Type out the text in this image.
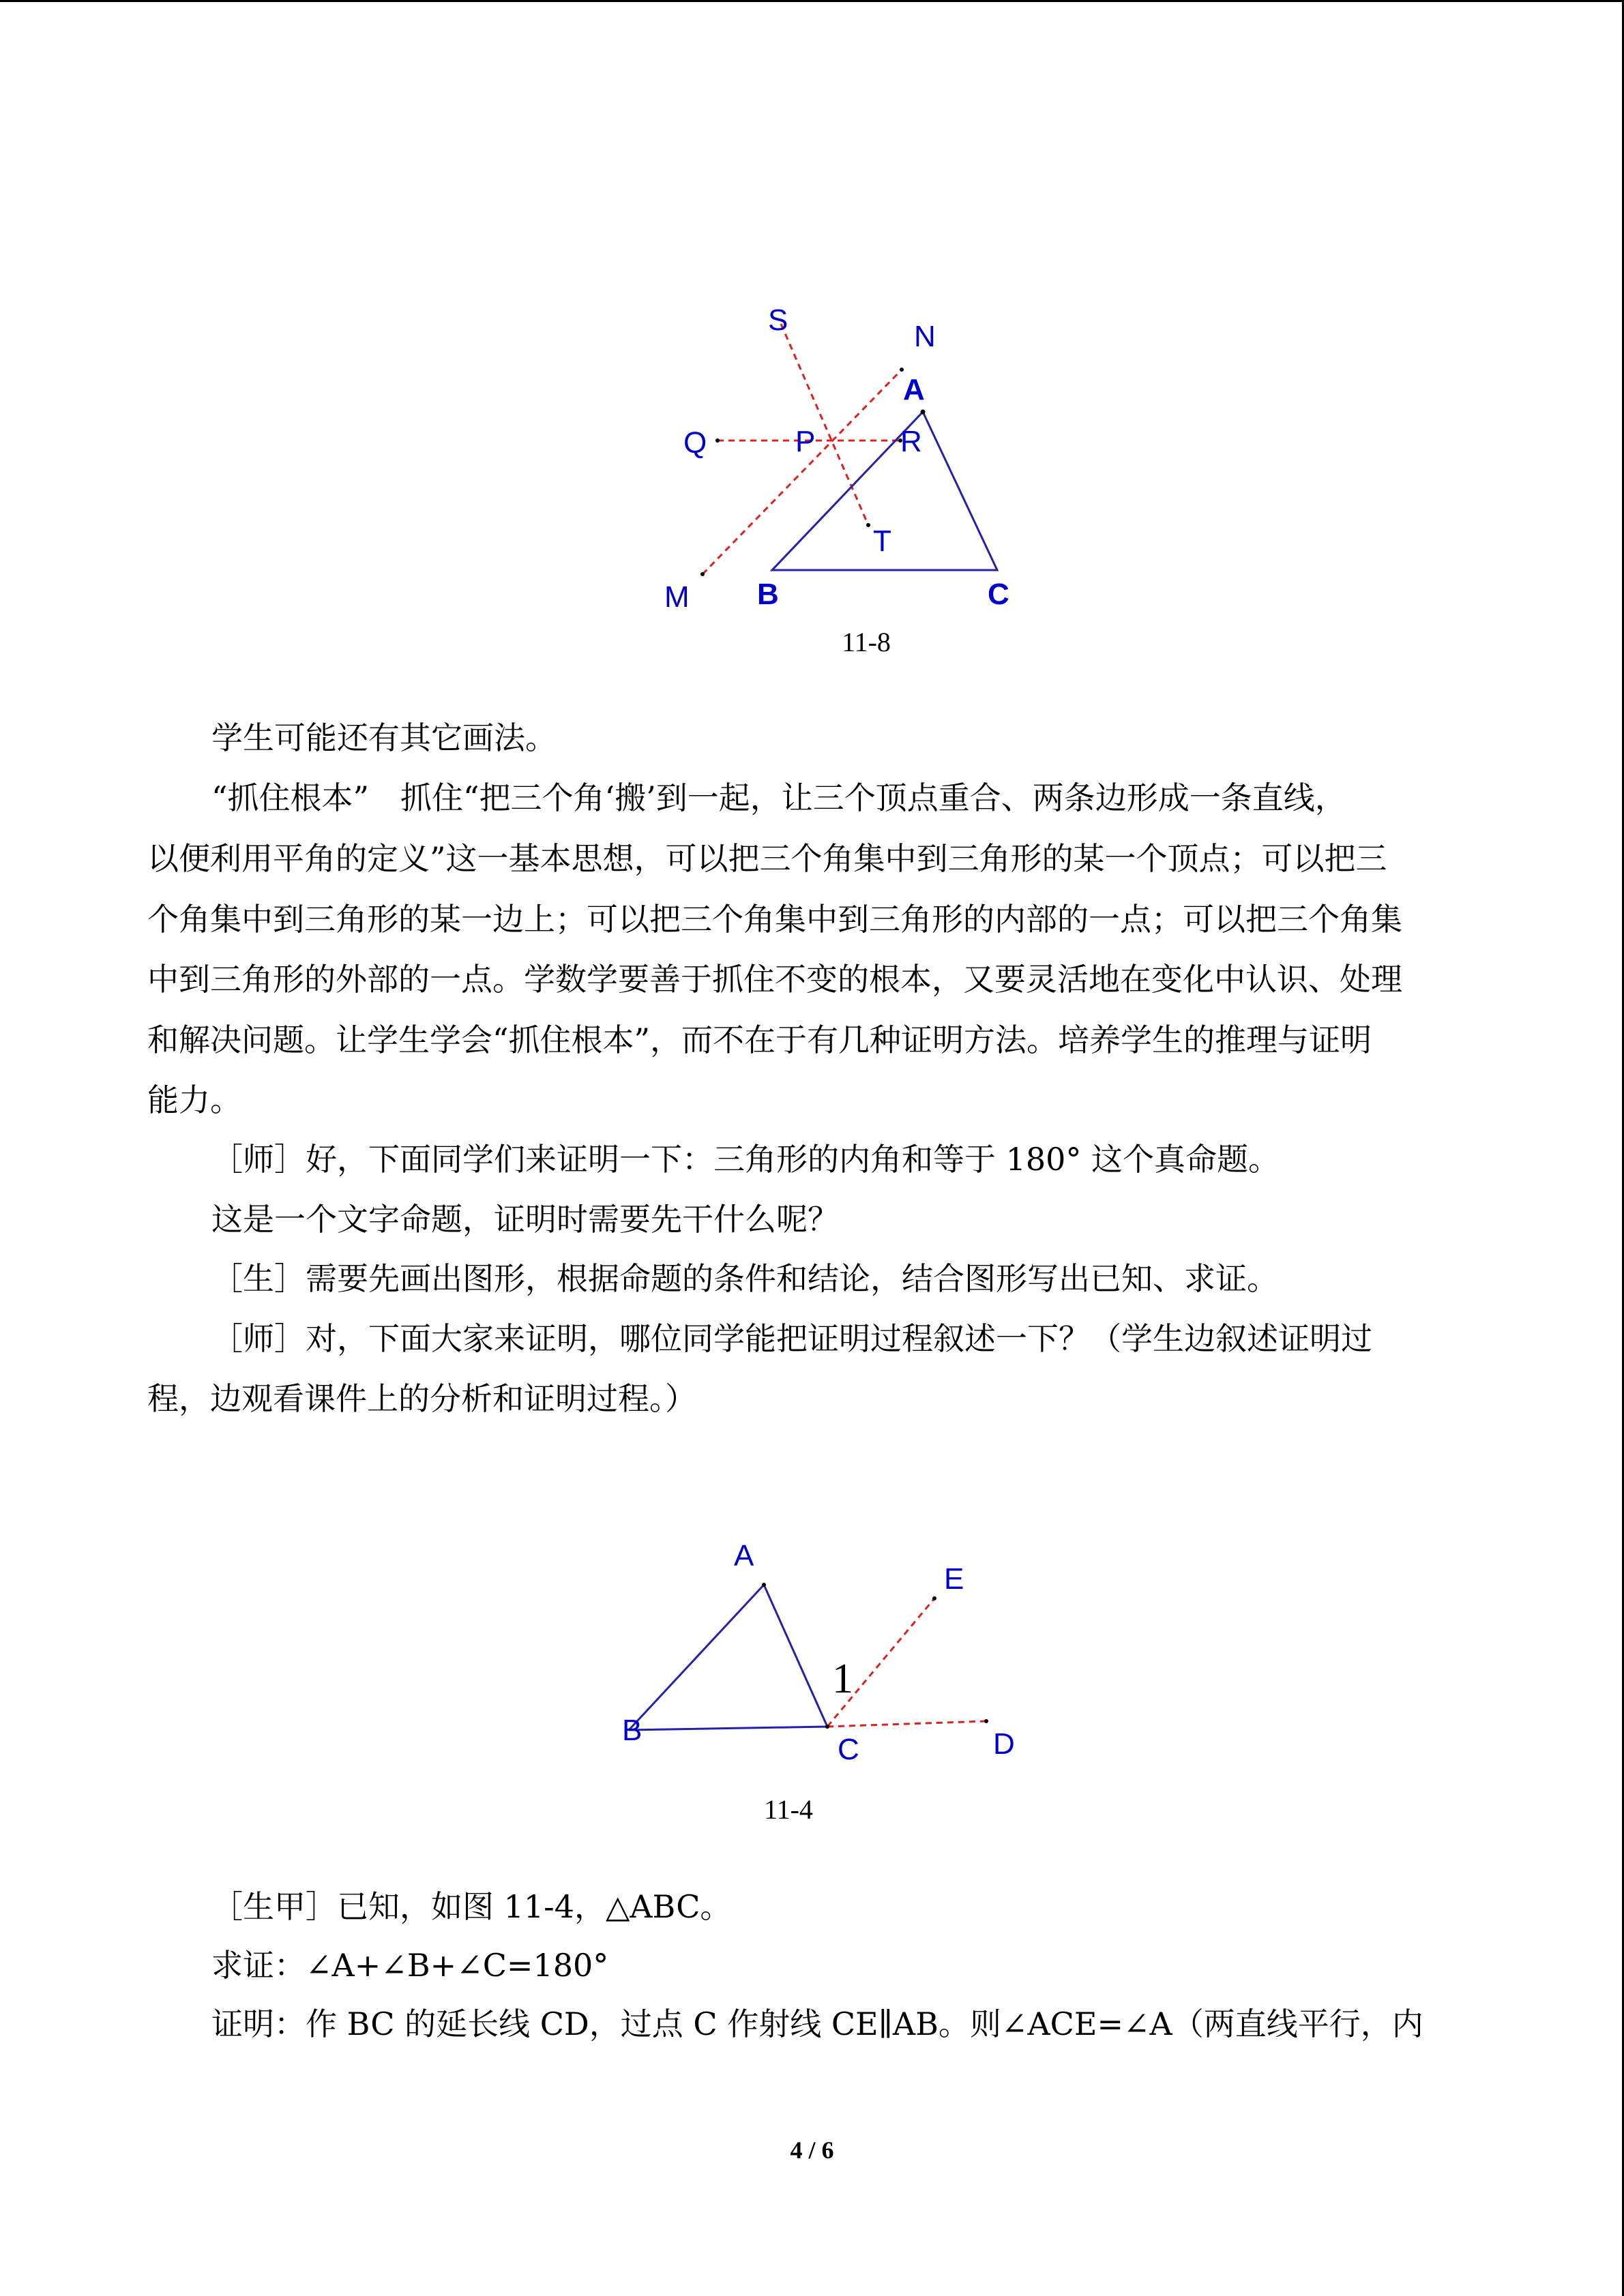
S	N
A
Q	P	R
T
M B	C
11-8
学生可能还有其它画法。
“抓住根本”　抓住“把三个角‘搬’到一起，让三个顶点重合、两条边形成一条直线，
以便利用平角的定义”这一基本思想，可以把三个角集中到三角形的某一个顶点；可以把三
个角集中到三角形的某一边上；可以把三个角集中到三角形的内部的一点；可以把三个角集
中到三角形的外部的一点。学数学要善于抓住不变的根本，又要灵活地在变化中认识、处理
和解决问题。让学生学会“抓住根本”，而不在于有几种证明方法。培养学生的推理与证明
能力。
［师］好，下面同学们来证明一下：三角形的内角和等于 180° 这个真命题。
这是一个文字命题，证明时需要先干什么呢？
［生］需要先画出图形，根据命题的条件和结论，结合图形写出已知、求证。
［师］对，下面大家来证明，哪位同学能把证明过程叙述一下？（学生边叙述证明过
程，边观看课件上的分析和证明过程。）
A
E
1
B
C	D
11-4
［生甲］已知，如图 11-4，△ABC。
求证：∠A+∠B+∠C=180°
证明：作 BC 的延长线 CD，过点 C 作射线 CE∥AB。则∠ACE=∠A（两直线平行，内
4 / 6
